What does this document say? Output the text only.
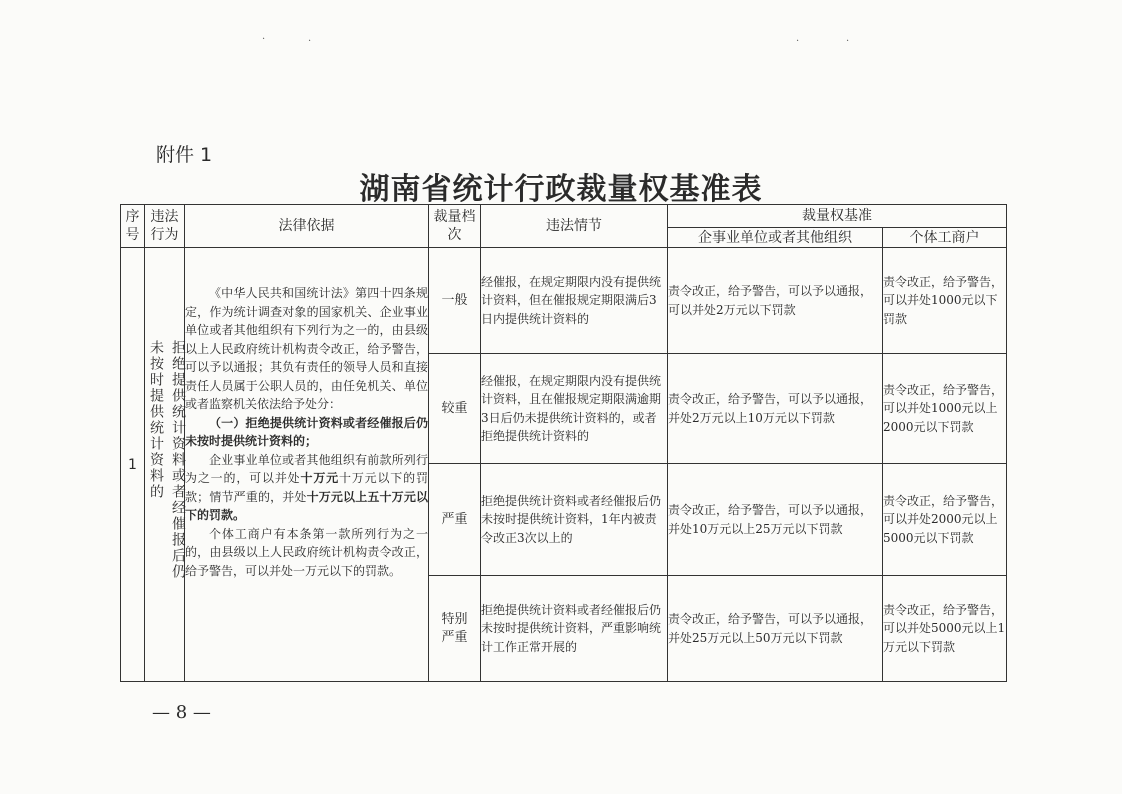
·	·	·	·
附件 1
湖南省统计行政裁量权基准表
序号	违法行为	法律依据	裁量档次	违法情节	裁量权基准	
					企事业单位或者其他组织	个体工商户
1	拒绝提供统计资料或者经催报后仍未按时提供统计资料的	《中华人民共和国统计法》第四十四条规定，作为统计调查对象的国家机关、企业事业单位或者其他组织有下列行为之一的，由县级以上人民政府统计机构责令改正，给予警告，可以予以通报；其负有责任的领导人员和直接责任人员属于公职人员的，由任免机关、单位或者监察机关依法给予处分：

（一）拒绝提供统计资料或者经催报后仍未按时提供统计资料的；

企业事业单位或者其他组织有前款所列行为之一的，可以并处十万元十万元以下的罚款；情节严重的，并处十万元以上五十万元以下的罚款。

个体工商户有本条第一款所列行为之一的，由县级以上人民政府统计机构责令改正，给予警告，可以并处一万元以下的罚款。	一般	经催报，在规定期限内没有提供统计资料，但在催报规定期限满后3日内提供统计资料的	责令改正，给予警告，可以予以通报，可以并处2万元以下罚款	责令改正，给予警告，可以并处1000元以下罚款
			较重	经催报，在规定期限内没有提供统计资料，且在催报规定期限满逾期3日后仍未提供统计资料的，或者拒绝提供统计资料的	责令改正，给予警告，可以予以通报，并处2万元以上10万元以下罚款	责令改正，给予警告，可以并处1000元以上2000元以下罚款
			严重	拒绝提供统计资料或者经催报后仍未按时提供统计资料，1年内被责令改正3次以上的	责令改正，给予警告，可以予以通报，并处10万元以上25万元以下罚款	责令改正，给予警告，可以并处2000元以上5000元以下罚款
			特别严重	拒绝提供统计资料或者经催报后仍未按时提供统计资料，严重影响统计工作正常开展的	责令改正，给予警告，可以予以通报，并处25万元以上50万元以下罚款	责令改正，给予警告，可以并处5000元以上1万元以下罚款
— 8 —
